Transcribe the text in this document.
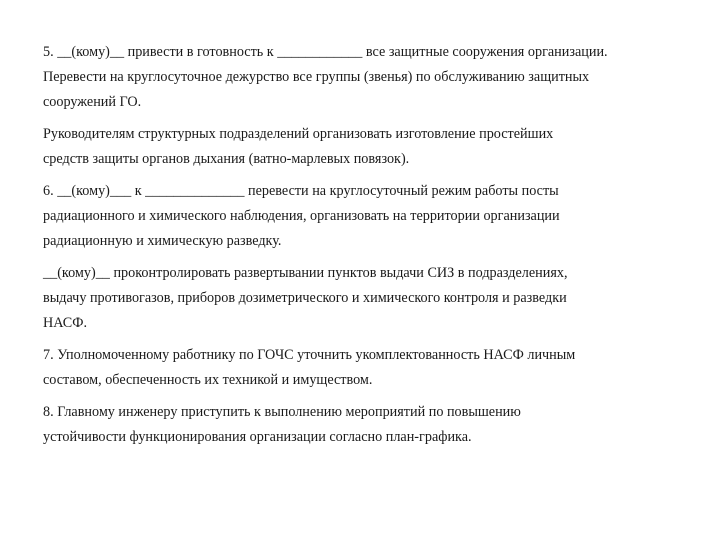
5. __(кому)__ привести в готовность к ____________ все защитные сооружения организации.
Перевести на круглосуточное дежурство все группы (звенья) по обслуживанию защитных
сооружений ГО.

Руководителям структурных подразделений организовать изготовление простейших
средств защиты органов дыхания (ватно-марлевых повязок).

6. __(кому)___ к ______________ перевести на круглосуточный режим работы посты
радиационного и химического наблюдения, организовать на территории организации
радиационную и химическую разведку.

__(кому)__ проконтролировать развертывании пунктов выдачи СИЗ в подразделениях,
выдачу противогазов, приборов дозиметрического и химического контроля и разведки
НАСФ.

7. Уполномоченному работнику по ГОЧС уточнить укомплектованность НАСФ личным
составом, обеспеченность их техникой и имуществом.

8. Главному инженеру приступить к выполнению мероприятий по повышению
устойчивости функционирования организации согласно план-графика.
